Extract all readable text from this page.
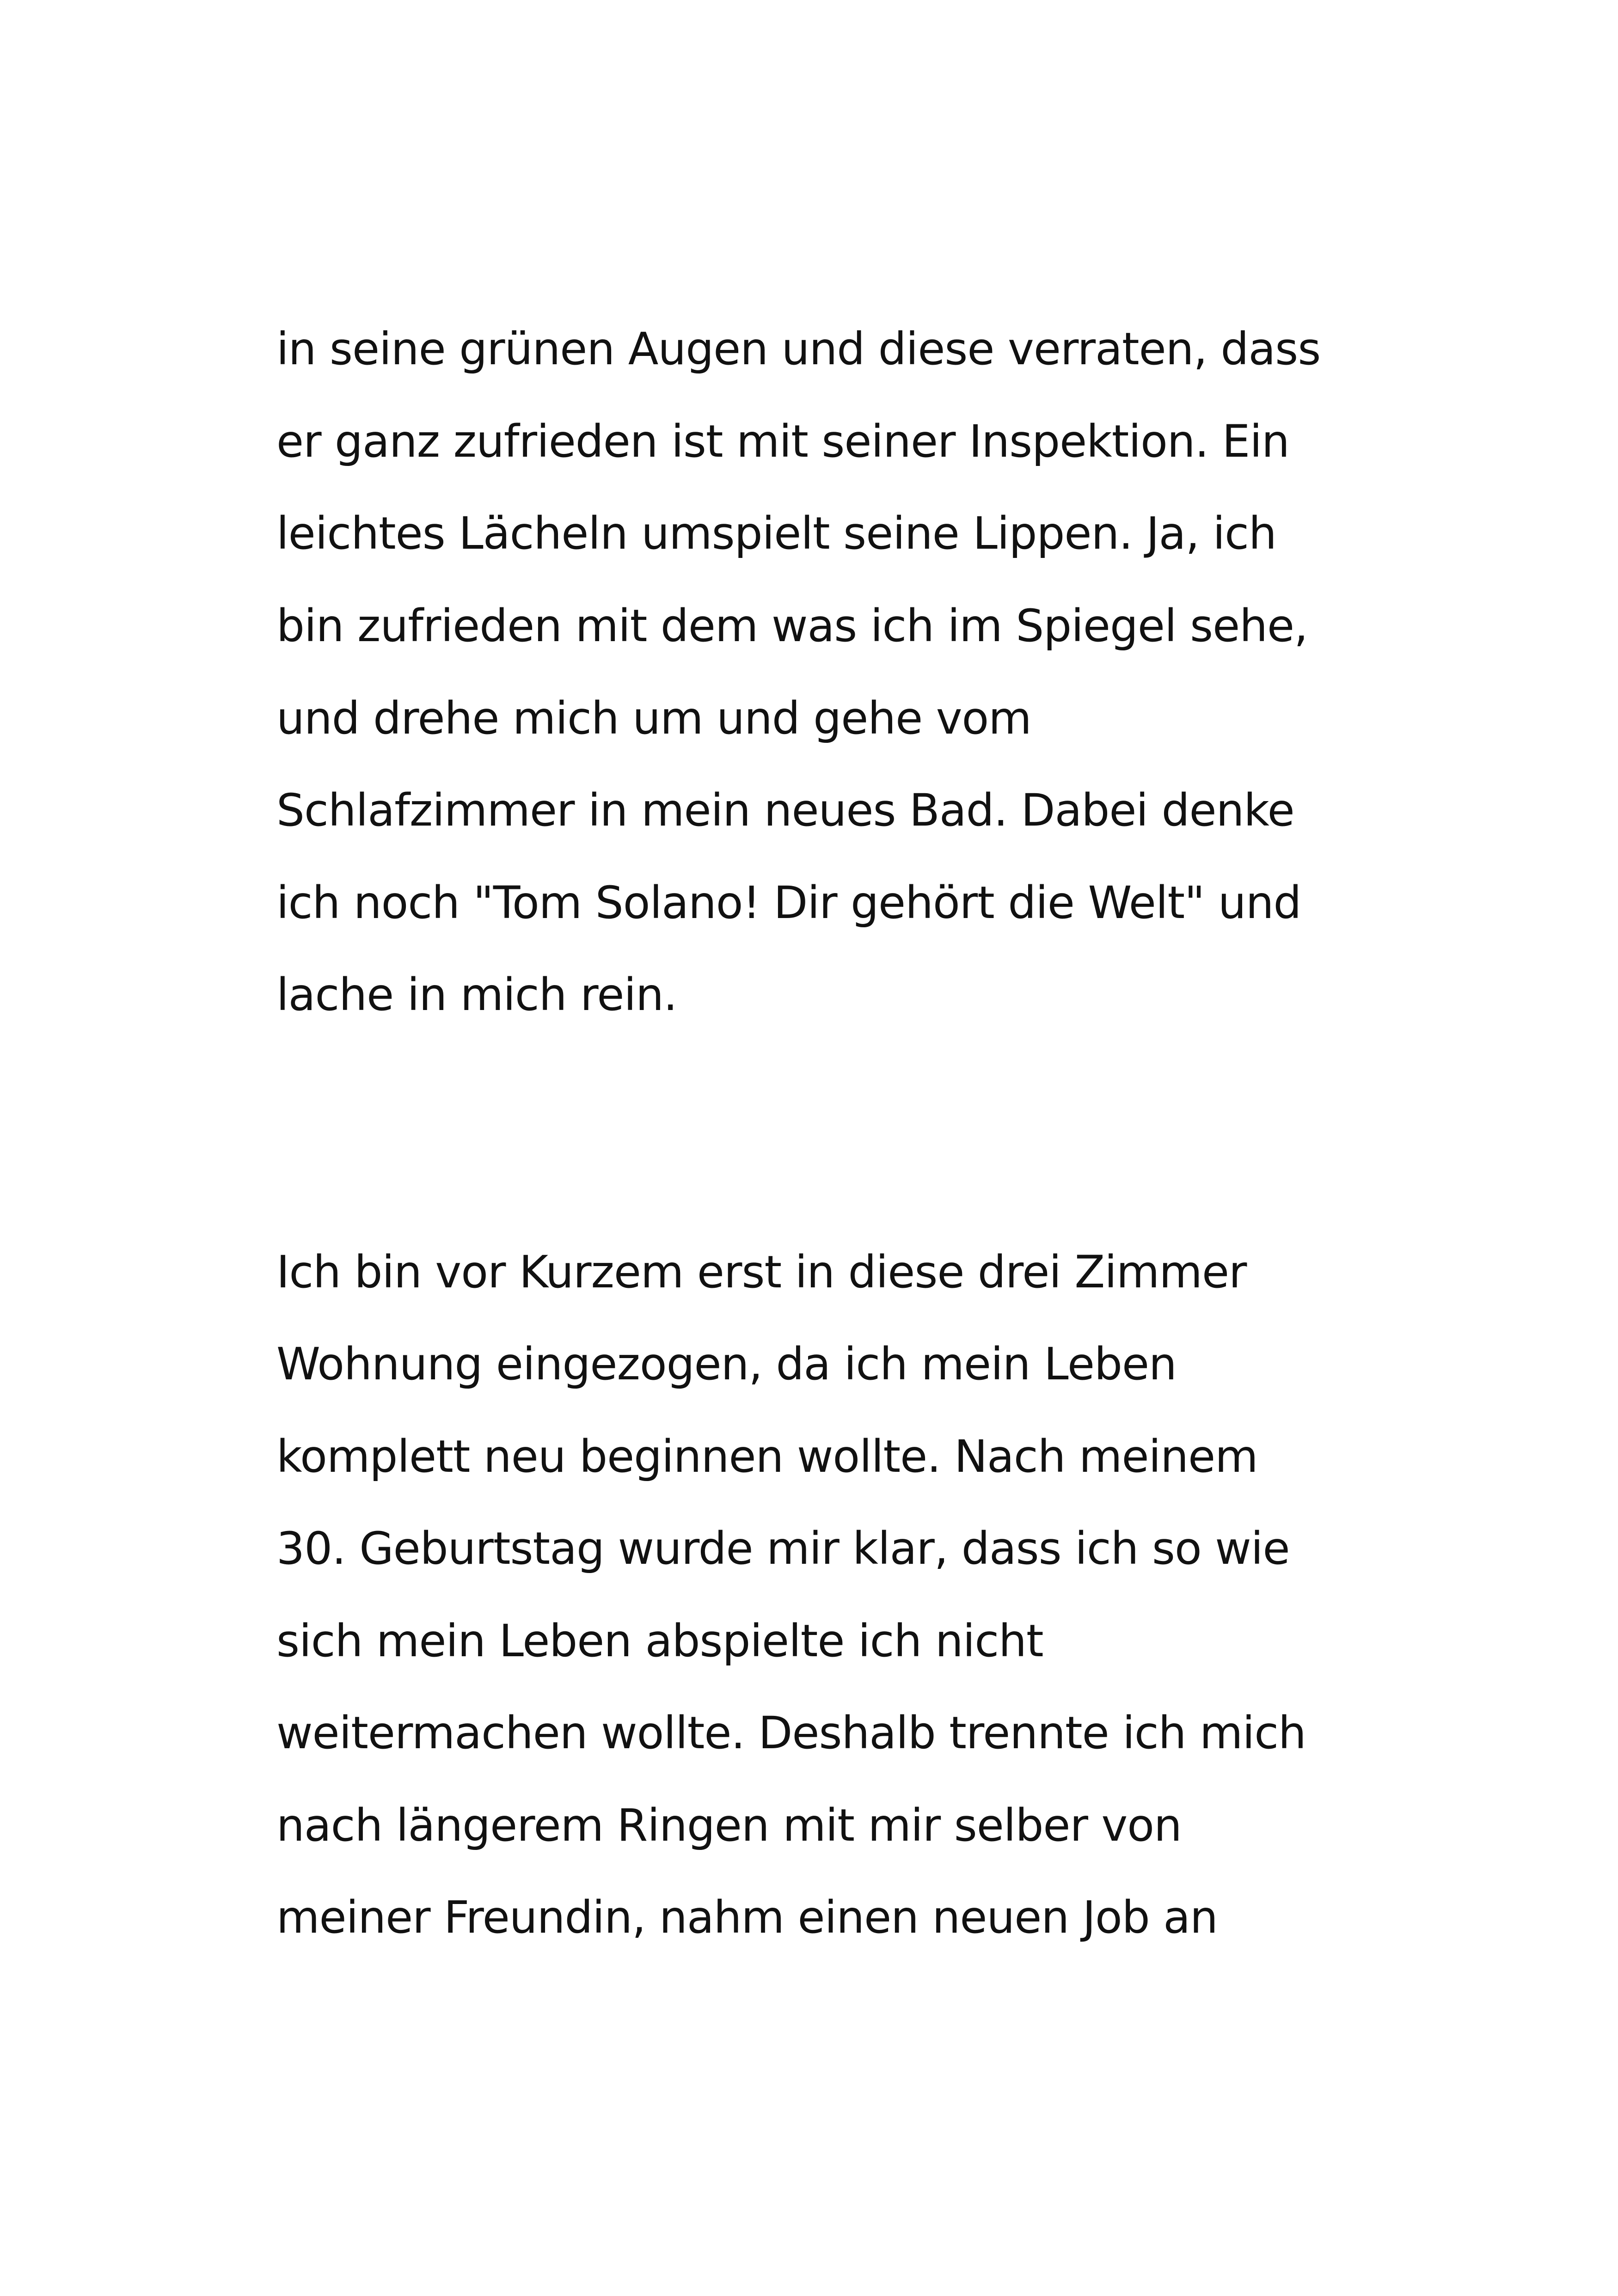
in seine grünen Augen und diese verraten, dass
er ganz zufrieden ist mit seiner Inspektion. Ein
leichtes Lächeln umspielt seine Lippen. Ja, ich
bin zufrieden mit dem was ich im Spiegel sehe,
und drehe mich um und gehe vom
Schlafzimmer in mein neues Bad. Dabei denke
ich noch "Tom Solano! Dir gehört die Welt" und
lache in mich rein.
Ich bin vor Kurzem erst in diese drei Zimmer
Wohnung eingezogen, da ich mein Leben
komplett neu beginnen wollte. Nach meinem
30. Geburtstag wurde mir klar, dass ich so wie
sich mein Leben abspielte ich nicht
weitermachen wollte. Deshalb trennte ich mich
nach längerem Ringen mit mir selber von
meiner Freundin, nahm einen neuen Job an
